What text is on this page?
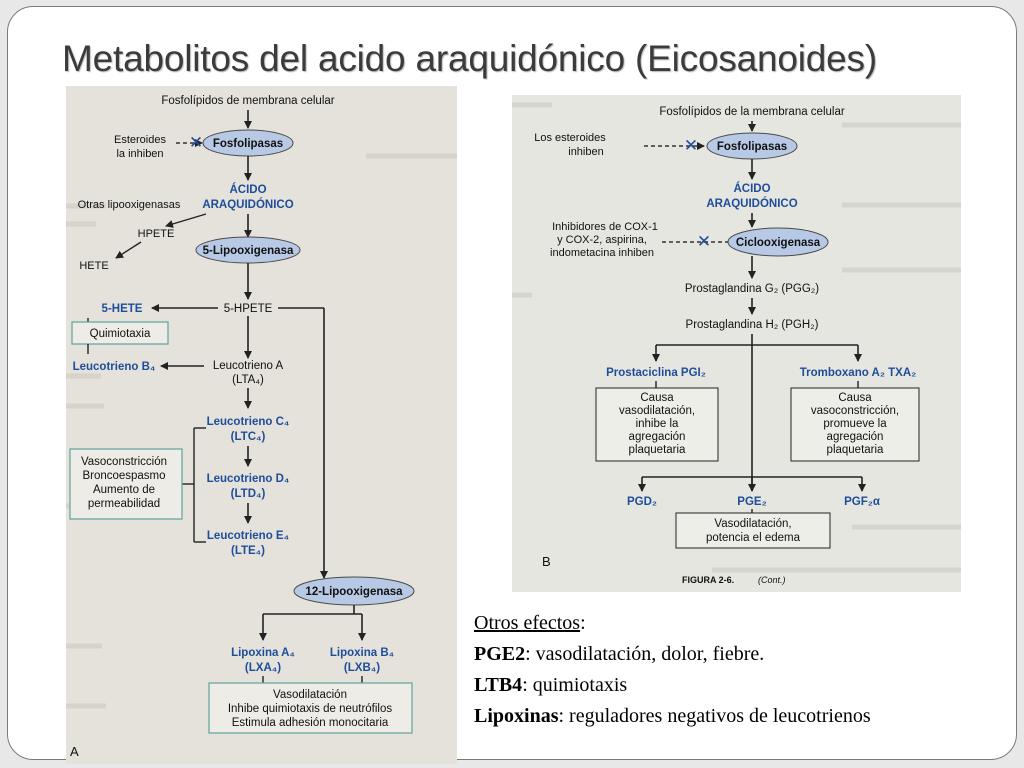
Metabolitos del acido araquidónico (Eicosanoides)
Fosfolípidos de membrana celular
Esteroides
la inhiben
✕ Fosfolipasas
ÁCIDO
ARAQUIDÓNICO
Otras lipooxigenasas
HPETE
HETE
5-Lipooxigenasa
5-HPETE
5-HETE
Quimiotaxia
Leucotrieno A
(LTA₄)
Leucotrieno B₄
Leucotrieno C₄
(LTC₄)
Leucotrieno D₄
(LTD₄)
Leucotrieno E₄
(LTE₄)
Vasoconstricción
Broncoespasmo
Aumento de
permeabilidad
12-Lipooxigenasa
Lipoxina A₄
(LXA₄)
Lipoxina B₄
(LXB₄)
Vasodilatación
Inhibe quimiotaxis de neutrófilos
Estimula adhesión monocitaria
A
Fosfolípidos de la membrana celular
Los esteroides
inhiben	✕ Fosfolipasas
ÁCIDO
ARAQUIDÓNICO
Inhibidores de COX-1
y COX-2, aspirina,
indometacina inhiben
✕ Ciclooxigenasa
Prostaglandina G₂ (PGG₂)
Prostaglandina H₂ (PGH₂)
Prostaciclina PGI₂	Tromboxano A₂ TXA₂
Causa
vasodilatación,
inhibe la
agregación
plaquetaria
Causa
vasoconstricción,
promueve la
agregación
plaquetaria
PGD₂	PGE₂	PGF₂α
Vasodilatación,
potencia el edema
B
FIGURA 2-6.	(Cont.)
Otros efectos:
PGE2: vasodilatación, dolor, fiebre.
LTB4: quimiotaxis
Lipoxinas: reguladores negativos de leucotrienos
